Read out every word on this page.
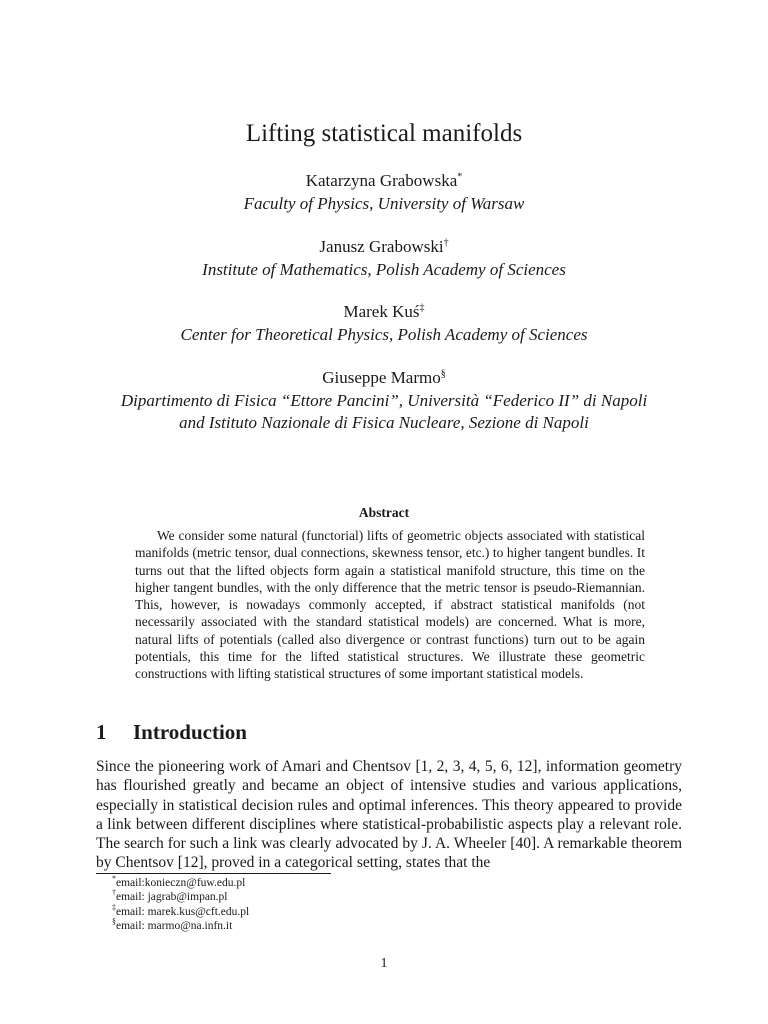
Lifting statistical manifolds
Katarzyna Grabowska*
Faculty of Physics, University of Warsaw
Janusz Grabowski†
Institute of Mathematics, Polish Academy of Sciences
Marek Kuś‡
Center for Theoretical Physics, Polish Academy of Sciences
Giuseppe Marmo§
Dipartimento di Fisica “Ettore Pancini”, Università “Federico II” di Napoli
and Istituto Nazionale di Fisica Nucleare, Sezione di Napoli
Abstract

We consider some natural (functorial) lifts of geometric objects associated with statistical manifolds (metric tensor, dual connections, skewness tensor, etc.) to higher tangent bundles. It turns out that the lifted objects form again a statistical manifold structure, this time on the higher tangent bundles, with the only difference that the metric tensor is pseudo-Riemannian. This, however, is nowadays commonly accepted, if abstract statistical manifolds (not necessarily associated with the standard statistical models) are concerned. What is more, natural lifts of potentials (called also divergence or contrast functions) turn out to be again potentials, this time for the lifted statistical structures. We illustrate these geometric constructions with lifting statistical structures of some important statistical models.

1 Introduction

Since the pioneering work of Amari and Chentsov [1, 2, 3, 4, 5, 6, 12], information geometry has flourished greatly and became an object of intensive studies and various applications, especially in statistical decision rules and optimal inferences. This theory appeared to provide a link between different disciplines where statistical-probabilistic aspects play a relevant role. The search for such a link was clearly advocated by J. A. Wheeler [40]. A remarkable theorem by Chentsov [12], proved in a categorical setting, states that the

*email:konieczn@fuw.edu.pl
†email: jagrab@impan.pl
‡email: marek.kus@cft.edu.pl
§email: marmo@na.infn.it
1
